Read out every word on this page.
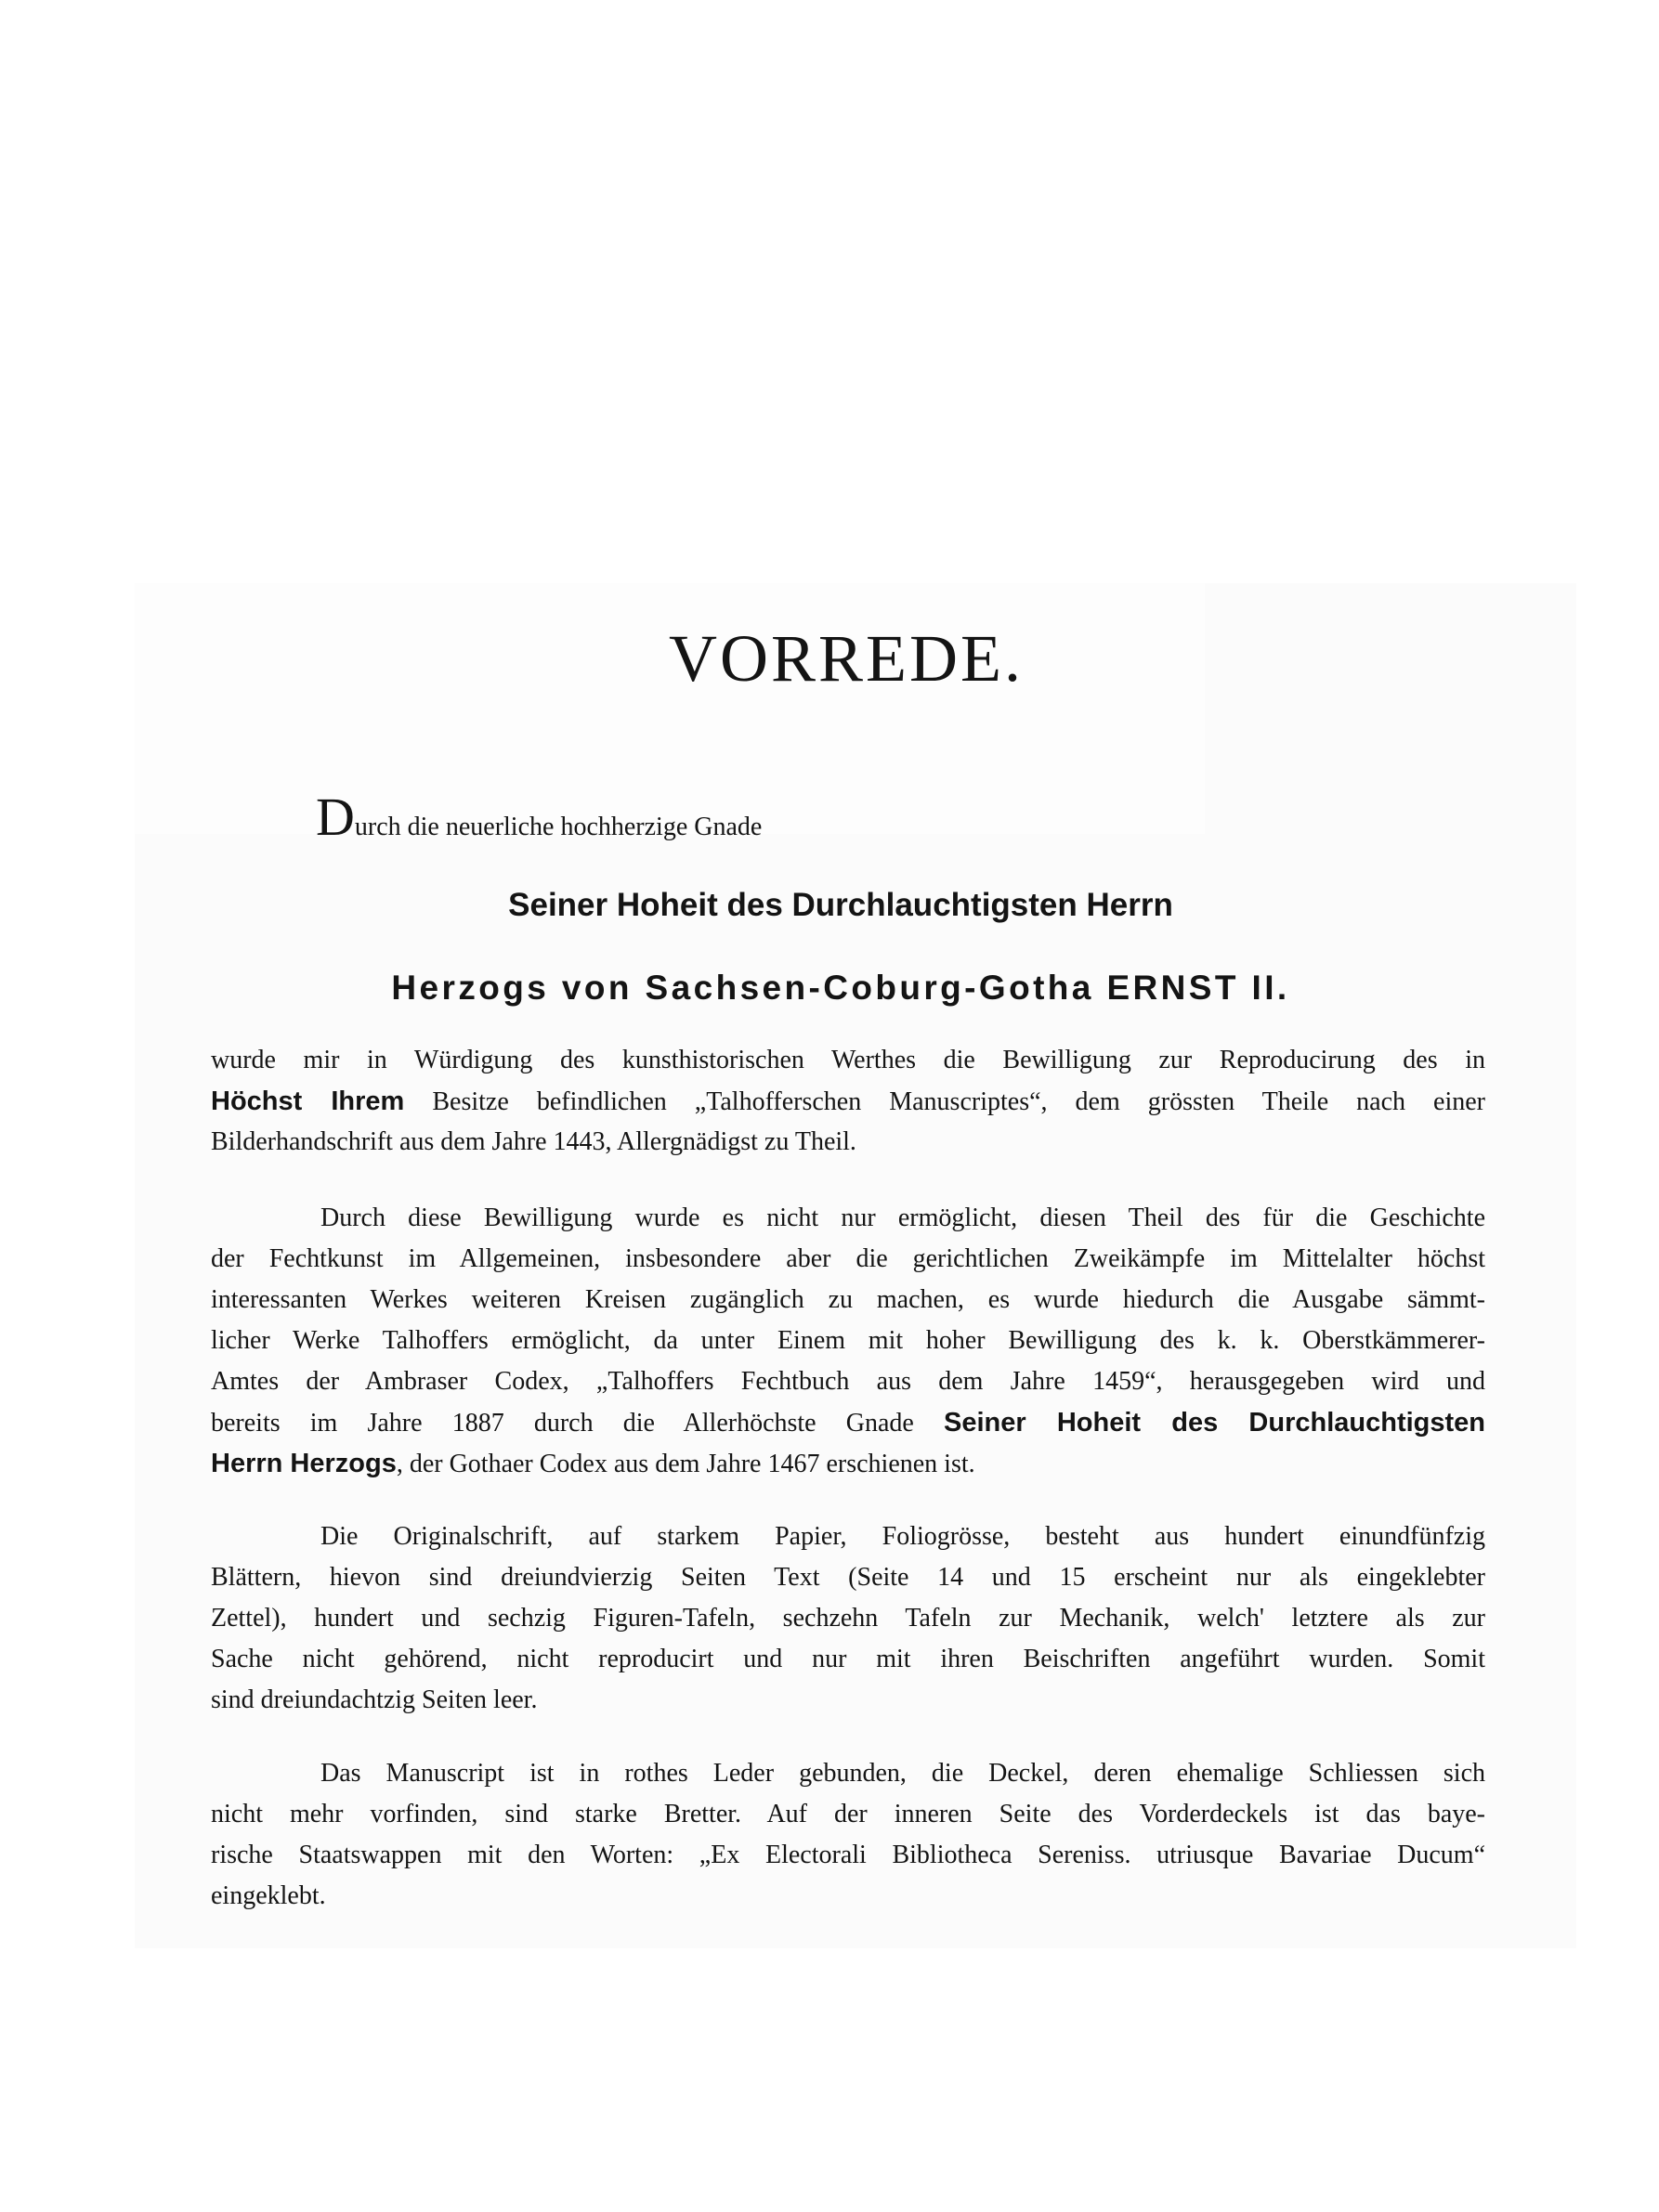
VORREDE.
Durch die neuerliche hochherzige Gnade
Seiner Hoheit des Durchlauchtigsten Herrn
Herzogs von Sachsen-Coburg-Gotha ERNST II.
wurde mir in Würdigung des kunsthistorischen Werthes die Bewilligung zur Reproducirung des in
Höchst Ihrem Besitze befindlichen „Talhofferschen Manuscriptes“, dem grössten Theile nach einer
Bilderhandschrift aus dem Jahre 1443, Allergnädigst zu Theil.
Durch diese Bewilligung wurde es nicht nur ermöglicht, diesen Theil des für die Geschichte
der Fechtkunst im Allgemeinen, insbesondere aber die gerichtlichen Zweikämpfe im Mittelalter höchst
interessanten Werkes weiteren Kreisen zugänglich zu machen, es wurde hiedurch die Ausgabe sämmt-
licher Werke Talhoffers ermöglicht, da unter Einem mit hoher Bewilligung des k. k. Oberstkämmerer-
Amtes der Ambraser Codex, „Talhoffers Fechtbuch aus dem Jahre 1459“, herausgegeben wird und
bereits im Jahre 1887 durch die Allerhöchste Gnade Seiner Hoheit des Durchlauchtigsten
Herrn Herzogs, der Gothaer Codex aus dem Jahre 1467 erschienen ist.
Die Originalschrift, auf starkem Papier, Foliogrösse, besteht aus hundert einundfünfzig
Blättern, hievon sind dreiundvierzig Seiten Text (Seite 14 und 15 erscheint nur als eingeklebter
Zettel), hundert und sechzig Figuren-Tafeln, sechzehn Tafeln zur Mechanik, welch' letztere als zur
Sache nicht gehörend, nicht reproducirt und nur mit ihren Beischriften angeführt wurden. Somit
sind dreiundachtzig Seiten leer.
Das Manuscript ist in rothes Leder gebunden, die Deckel, deren ehemalige Schliessen sich
nicht mehr vorfinden, sind starke Bretter. Auf der inneren Seite des Vorderdeckels ist das baye-
rische Staatswappen mit den Worten: „Ex Electorali Bibliotheca Sereniss. utriusque Bavariae Ducum“
eingeklebt.
